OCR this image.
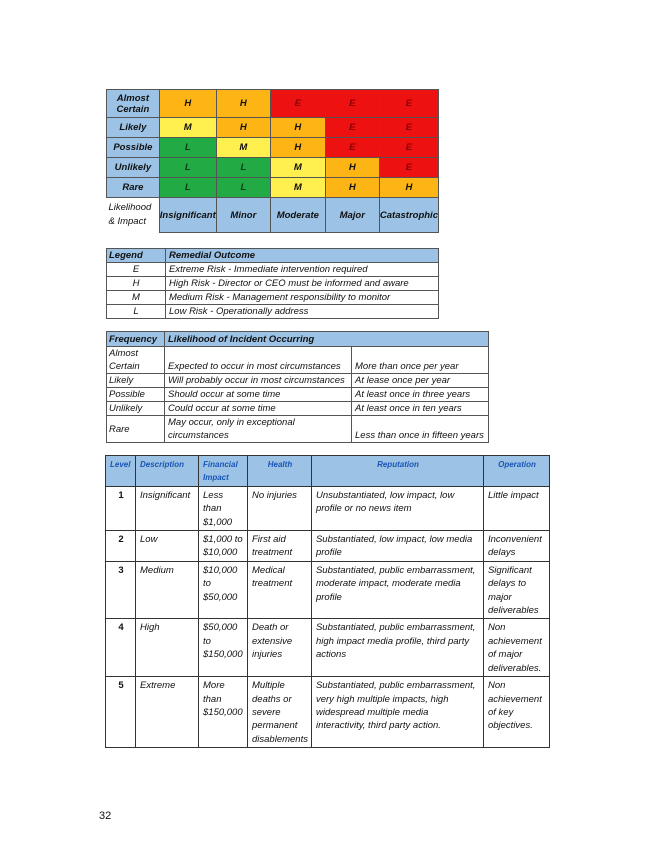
Almost
Certain	H	H	E	E	E
Likely	M	H	H	E	E
Possible	L	M	H	E	E
Unlikely	L	L	M	H	E
Rare	L	L	M	H	H
Likelihood
& Impact	Insignificant	Minor	Moderate	Major	Catastrophic
Legend	Remedial Outcome
E	Extreme Risk - Immediate intervention required
H	High Risk - Director or CEO must be informed and aware
M	Medium Risk - Management responsibility to monitor
L	Low Risk - Operationally address
Frequency	Likelihood of Incident Occurring	
Almost
Certain	Expected to occur in most circumstances	More than once per year
Likely	Will probably occur in most circumstances	At lease once per year
Possible	Should occur at some time	At least once in three years
Unlikely	Could occur at some time	At least once in ten years
Rare	May occur, only in exceptional
circumstances	Less than once in fifteen years
Level	Description	Financial Impact	Health	Reputation	Operation
1	Insignificant	Less than $1,000	No injuries	Unsubstantiated, low impact, low profile or no news item	Little impact
2	Low	$1,000 to $10,000	First aid treatment	Substantiated, low impact, low media profile	Inconvenient delays
3	Medium	$10,000 to $50,000	Medical treatment	Substantiated, public embarrassment, moderate impact, moderate media profile	Significant delays to major deliverables
4	High	$50,000 to $150,000	Death or extensive injuries	Substantiated, public embarrassment, high impact media profile, third party actions	Non achievement of major deliverables.
5	Extreme	More than $150,000	Multiple deaths or severe permanent disablements	Substantiated, public embarrassment, very high multiple impacts, high widespread multiple media interactivity, third party action.	Non achievement of key objectives.
32
